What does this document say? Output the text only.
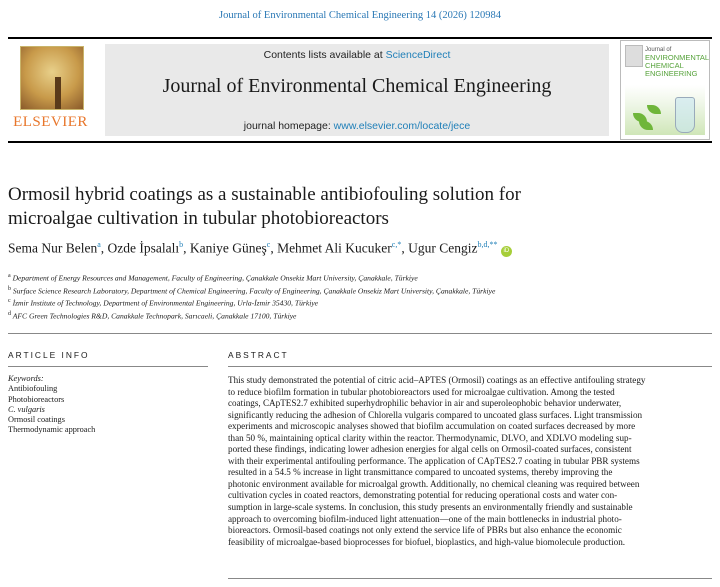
Journal of Environmental Chemical Engineering 14 (2026) 120984
ELSEVIER
Contents lists available at ScienceDirect
Journal of Environmental Chemical Engineering
journal homepage: www.elsevier.com/locate/jece
Journal of
ENVIRONMENTAL CHEMICAL ENGINEERING
Ormosil hybrid coatings as a sustainable antibiofouling solution for
microalgae cultivation in tubular photobioreactors
Sema Nur Belen$^a$, Ozde İpsalalı$^b$, Kaniye Güneş$^c$, Mehmet Ali Kucuker$^{c,*}$, Ugur Cengiz$^{b,d,**}$ iD
$^a$ Department of Energy Resources and Management, Faculty of Engineering, Çanakkale Onsekiz Mart University, Çanakkale, Türkiye
$^b$ Surface Science Research Laboratory, Department of Chemical Engineering, Faculty of Engineering, Çanakkale Onsekiz Mart University, Çanakkale, Türkiye
$^c$ İzmir Institute of Technology, Department of Environmental Engineering, Urla-İzmir 35430, Türkiye
$^d$ AFC Green Technologies R&D, Canakkale Technopark, Sarıcaeli, Çanakkale 17100, Türkiye
ARTICLE INFO
Keywords:
Antibiofouling
Photobioreactors
C. vulgaris
Ormosil coatings
Thermodynamic approach
ABSTRACT
This study demonstrated the potential of citric acid–APTES (Ormosil) coatings as an effective antifouling strategy
to reduce biofilm formation in tubular photobioreactors used for microalgae cultivation. Among the tested
coatings, CApTES2.7 exhibited superhydrophilic behavior in air and superoleophobic behavior underwater,
significantly reducing the adhesion of Chlorella vulgaris compared to uncoated glass surfaces. Light transmission
experiments and microscopic analyses showed that biofilm accumulation on coated surfaces decreased by more
than 50 %, maintaining optical clarity within the reactor. Thermodynamic, DLVO, and XDLVO modeling sup-
ported these findings, indicating lower adhesion energies for algal cells on Ormosil-coated surfaces, consistent
with their experimental antifouling performance. The application of CApTES2.7 coating in tubular PBR systems
resulted in a 54.5 % increase in light transmittance compared to uncoated systems, thereby improving the
photonic environment available for microalgal growth. Additionally, no chemical cleaning was required between
cultivation cycles in coated reactors, demonstrating potential for reducing operational costs and water con-
sumption in large-scale systems. In conclusion, this study presents an environmentally friendly and sustainable
approach to overcoming biofilm-induced light attenuation—one of the main bottlenecks in industrial photo-
bioreactors. Ormosil-based coatings not only extend the service life of PBRs but also enhance the economic
feasibility of microalgae-based bioprocesses for biofuel, bioplastics, and high-value biomolecule production.
